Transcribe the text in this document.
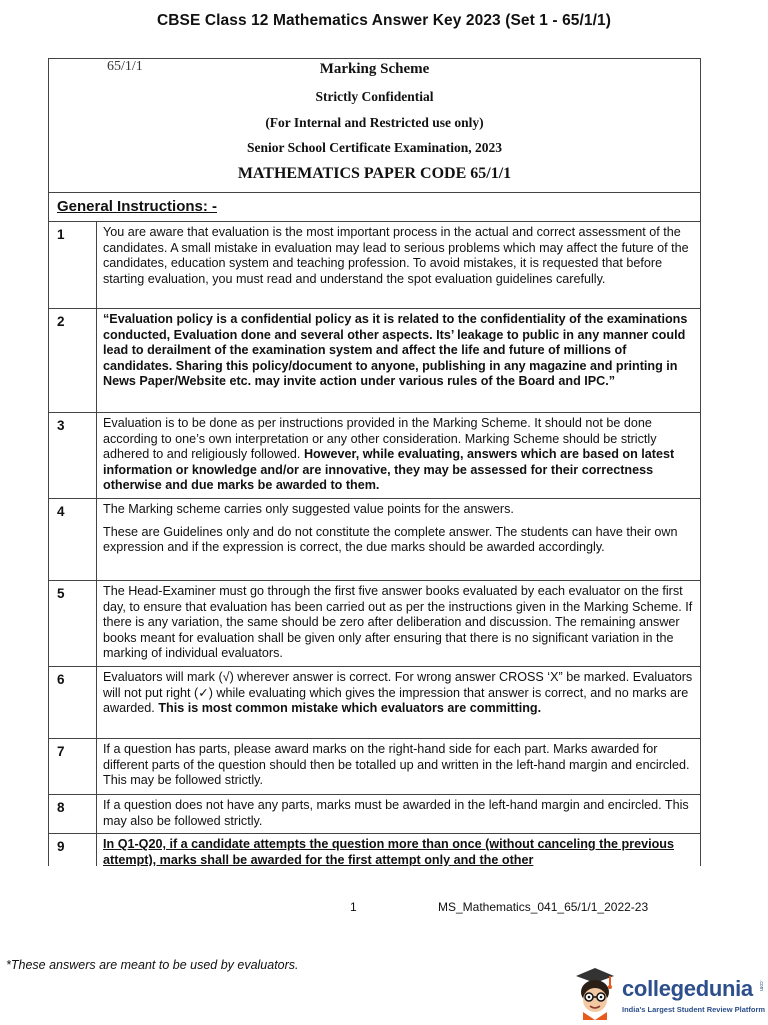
CBSE Class 12 Mathematics Answer Key 2023 (Set 1 - 65/1/1)
Marking Scheme
65/1/1
Strictly Confidential
(For Internal and Restricted use only)
Senior School Certificate Examination, 2023
MATHEMATICS PAPER CODE 65/1/1
General Instructions: -
1	You are aware that evaluation is the most important process in the actual and correct assessment of the candidates. A small mistake in evaluation may lead to serious problems which may affect the future of the candidates, education system and teaching profession. To avoid mistakes, it is requested that before starting evaluation, you must read and understand the spot evaluation guidelines carefully.

2	“Evaluation policy is a confidential policy as it is related to the confidentiality of the examinations conducted, Evaluation done and several other aspects. Its’ leakage to public in any manner could lead to derailment of the examination system and affect the life and future of millions of candidates. Sharing this policy/document to anyone, publishing in any magazine and printing in News Paper/Website etc. may invite action under various rules of the Board and IPC.”

3	Evaluation is to be done as per instructions provided in the Marking Scheme. It should not be done according to one’s own interpretation or any other consideration. Marking Scheme should be strictly adhered to and religiously followed. However, while evaluating, answers which are based on latest information or knowledge and/or are innovative, they may be assessed for their correctness otherwise and due marks be awarded to them.

4	The Marking scheme carries only suggested value points for the answers.

These are Guidelines only and do not constitute the complete answer. The students can have their own expression and if the expression is correct, the due marks should be awarded accordingly.

5	The Head-Examiner must go through the first five answer books evaluated by each evaluator on the first day, to ensure that evaluation has been carried out as per the instructions given in the Marking Scheme. If there is any variation, the same should be zero after deliberation and discussion. The remaining answer books meant for evaluation shall be given only after ensuring that there is no significant variation in the marking of individual evaluators.

6	Evaluators will mark (√) wherever answer is correct. For wrong answer CROSS ‘X” be marked. Evaluators will not put right (✓) while evaluating which gives the impression that answer is correct, and no marks are awarded. This is most common mistake which evaluators are committing.

7	If a question has parts, please award marks on the right-hand side for each part. Marks awarded for different parts of the question should then be totalled up and written in the left-hand margin and encircled. This may be followed strictly.

8	If a question does not have any parts, marks must be awarded in the left-hand margin and encircled. This may also be followed strictly.

9	In Q1-Q20, if a candidate attempts the question more than once (without canceling the previous attempt), marks shall be awarded for the first attempt only and the other

1	MS_Mathematics_041_65/1/1_2022-23
*These answers are meant to be used by evaluators.
collegedunia .com
India's Largest Student Review Platform
